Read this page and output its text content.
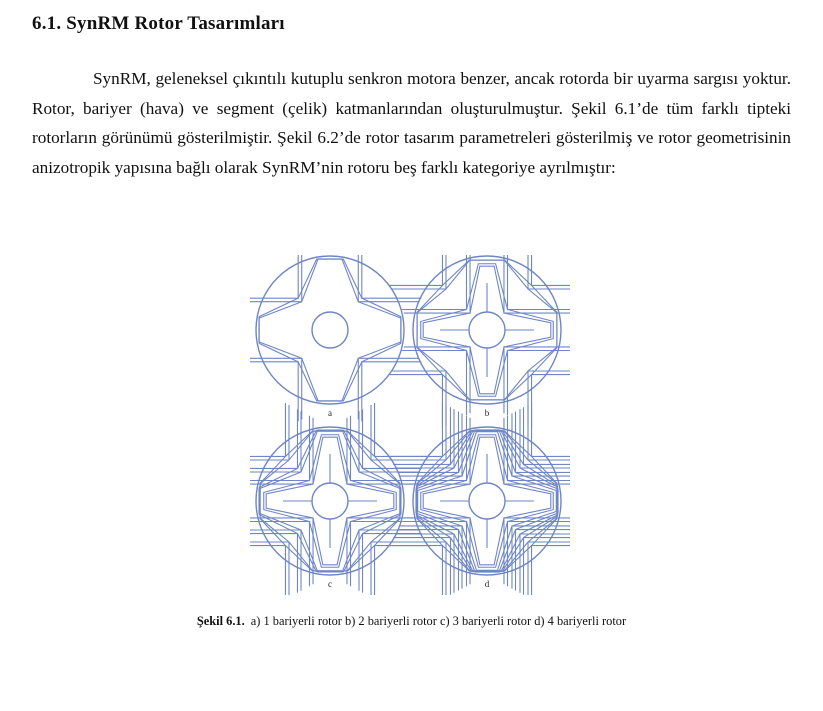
6.1. SynRM Rotor Tasarımları
SynRM, geleneksel çıkıntılı kutuplu senkron motora benzer, ancak rotorda bir uyarma sargısı yoktur. Rotor, bariyer (hava) ve segment (çelik) katmanlarından oluşturulmuştur. Şekil 6.1’de tüm farklı tipteki rotorların görünümü gösterilmiştir. Şekil 6.2’de rotor tasarım parametreleri gösterilmiş ve rotor geometrisinin anizotropik yapısına bağlı olarak SynRM’nin rotoru beş farklı kategoriye ayrılmıştır:
a	b
c	d
Şekil 6.1. a) 1 bariyerli rotor b) 2 bariyerli rotor c) 3 bariyerli rotor d) 4 bariyerli rotor
